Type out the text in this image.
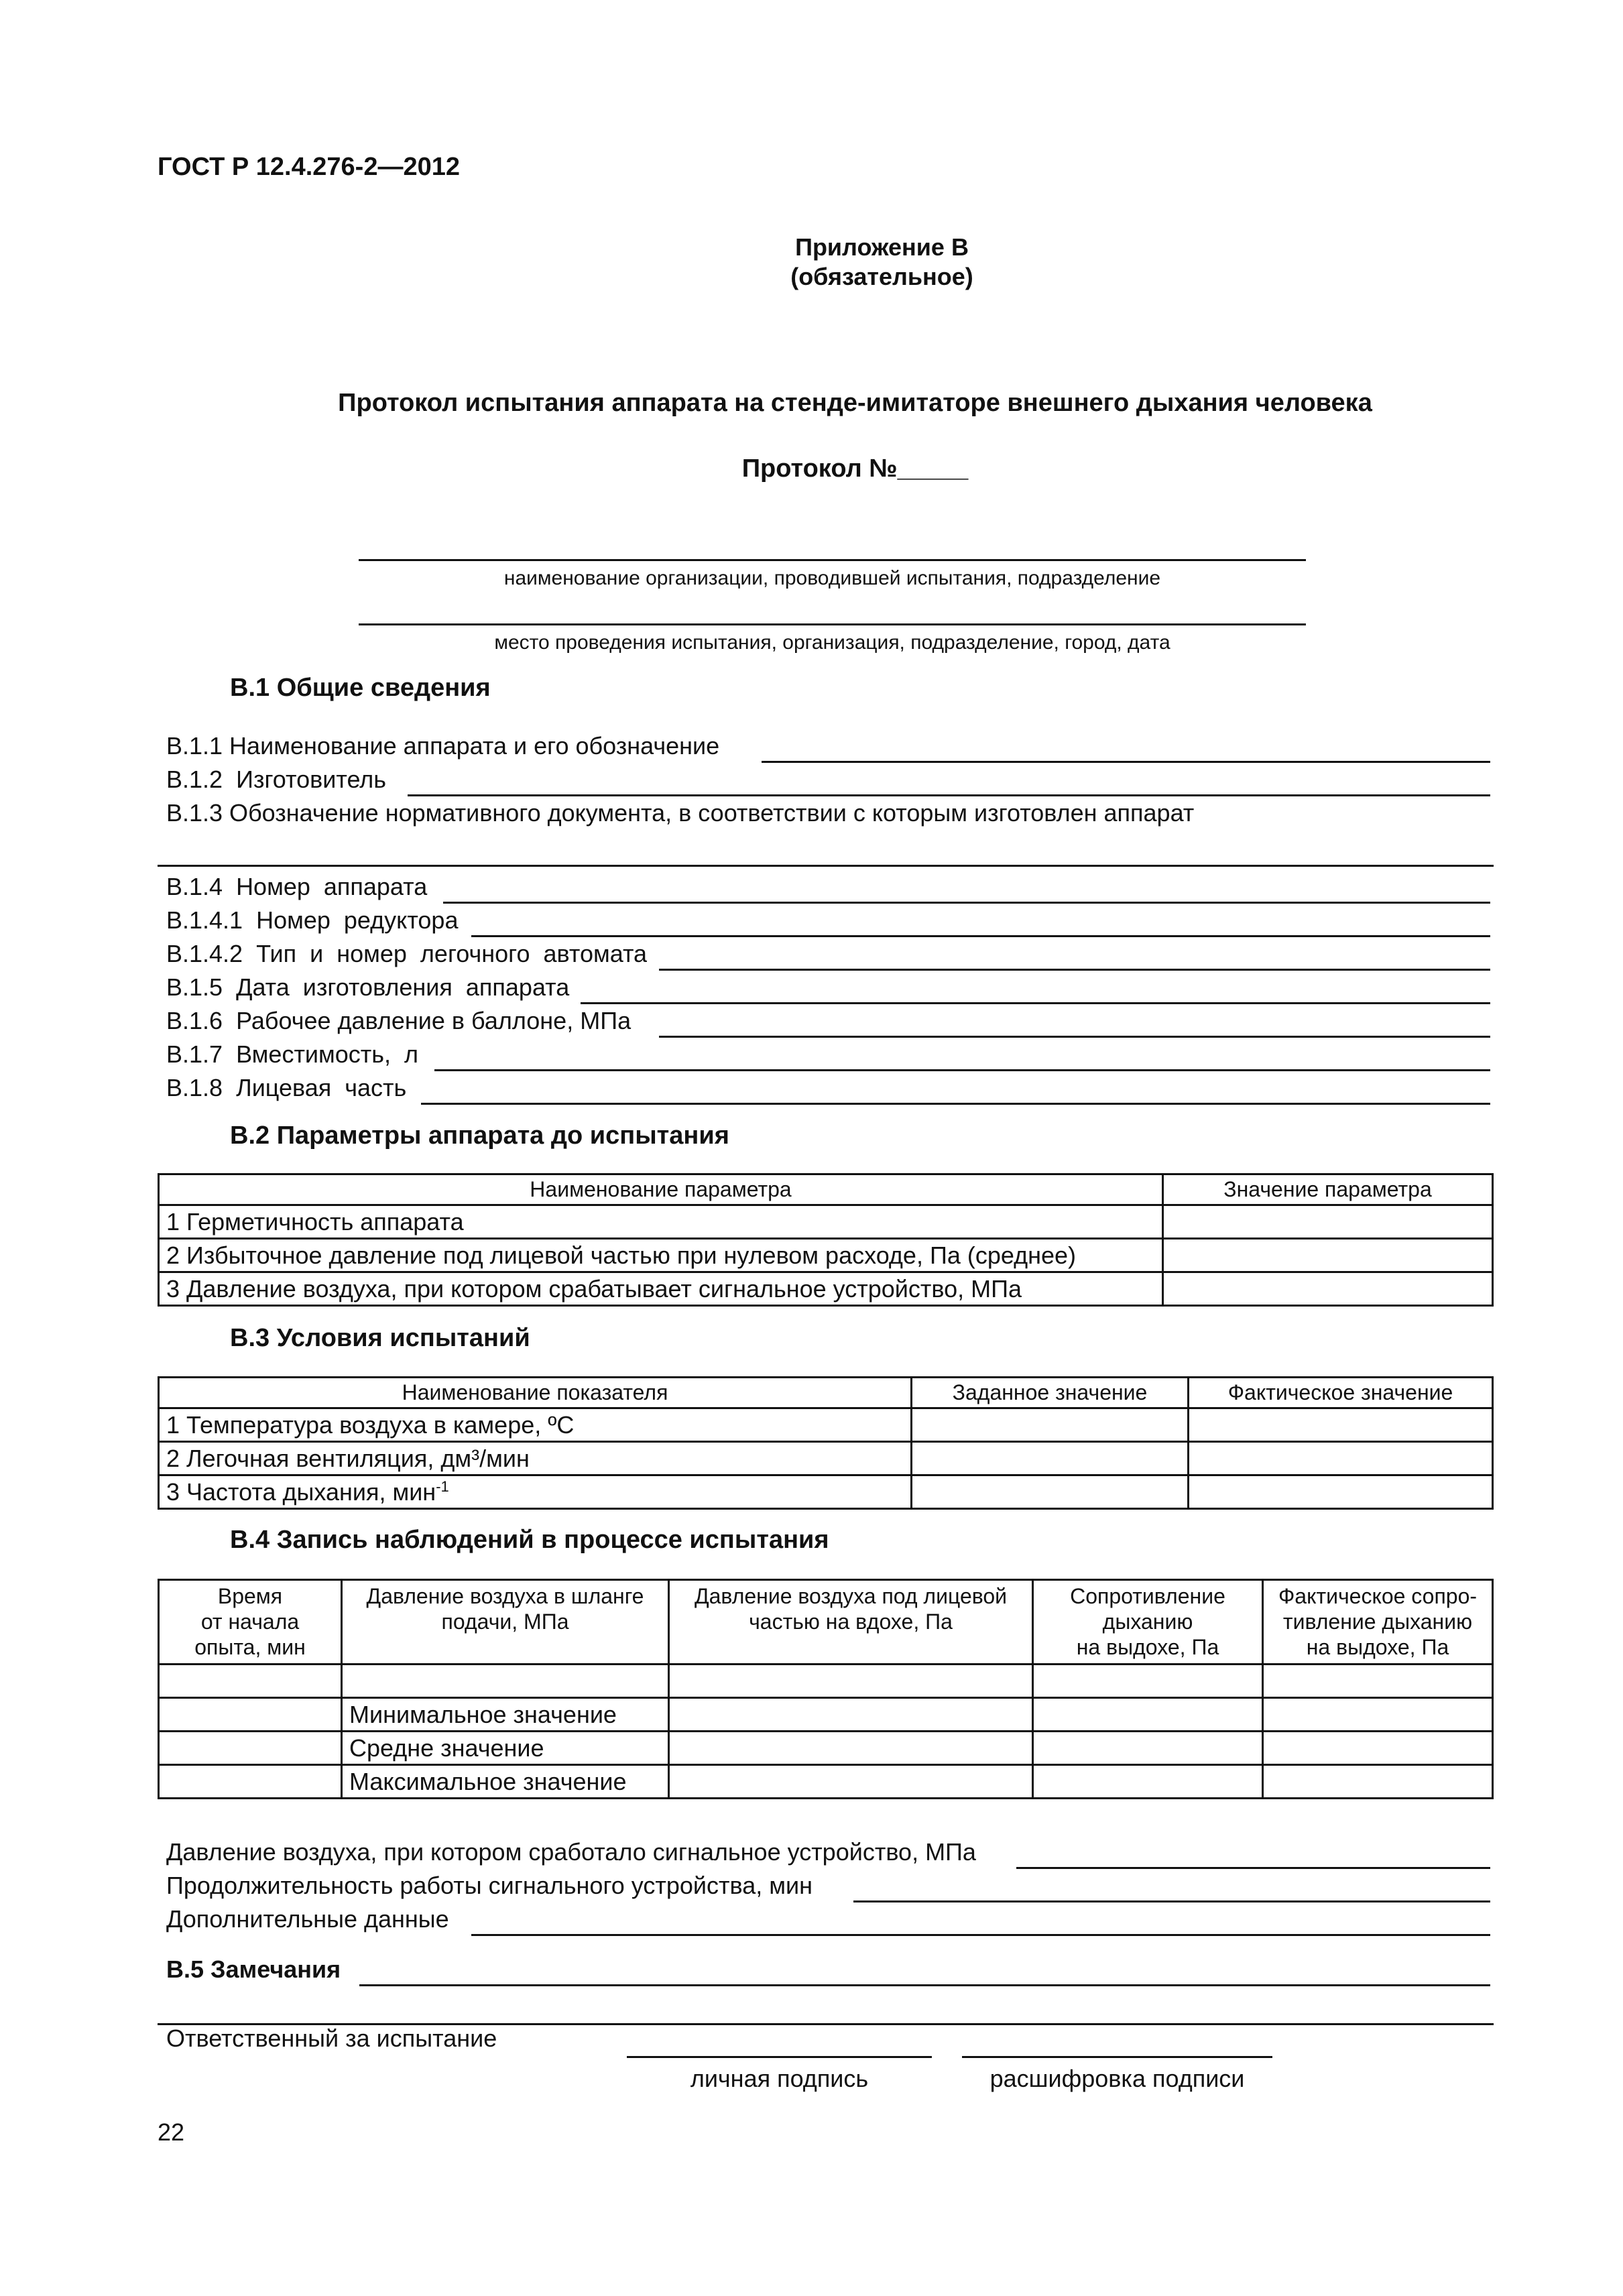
ГОСТ Р 12.4.276-2—2012
Приложение В
(обязательное)
Протокол испытания аппарата на стенде-имитаторе внешнего дыхания человека
Протокол №_____
наименование организации, проводившей испытания, подразделение
место проведения испытания, организация, подразделение, город, дата
В.1 Общие сведения
В.1.1 Наименование аппарата и его обозначение
В.1.2  Изготовитель
В.1.3 Обозначение нормативного документа, в соответствии с которым изготовлен аппарат
В.1.4  Номер  аппарата
В.1.4.1  Номер  редуктора
В.1.4.2  Тип  и  номер  легочного  автомата
В.1.5  Дата  изготовления  аппарата
В.1.6  Рабочее давление в баллоне, МПа
В.1.7  Вместимость,  л
В.1.8  Лицевая  часть
В.2 Параметры аппарата до испытания
Наименование параметра	Значение параметра
1 Герметичность аппарата	
2 Избыточное давление под лицевой частью при нулевом расходе, Па (среднее)	
3 Давление воздуха, при котором срабатывает сигнальное устройство, МПа	
В.3 Условия испытаний
Наименование показателя	Заданное значение	Фактическое значение
1 Температура воздуха в камере, ºС		
2 Легочная вентиляция, дм³/мин		
3 Частота дыхания, мин$^{-1}$		
В.4 Запись наблюдений в процессе испытания
Время
от начала
опыта, мин	Давление воздуха в шланге
подачи, МПа	Давление воздуха под лицевой
частью на вдохе, Па	Сопротивление
дыханию
на выдохе, Па	Фактическое сопро-
тивление дыханию
на выдохе, Па

	Минимальное значение			
	Средне значение			
	Максимальное значение			
Давление воздуха, при котором сработало сигнальное устройство, МПа
Продолжительность работы сигнального устройства, мин
Дополнительные данные
В.5 Замечания
Ответственный за испытание
личная подпись	расшифровка подписи
22
